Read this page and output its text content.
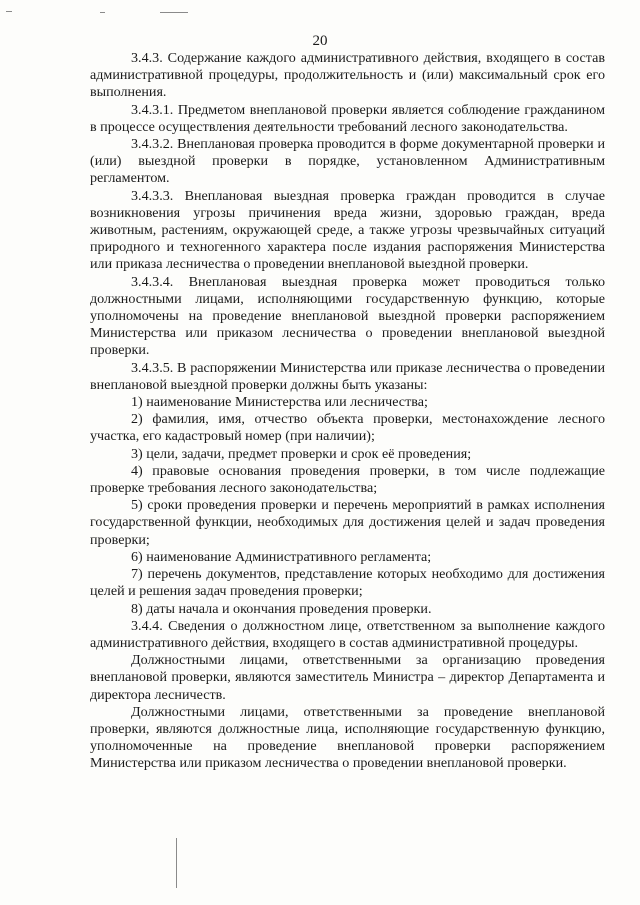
20

3.4.3. Содержание каждого административного действия, входящего в состав административной процедуры, продолжительность и (или) максимальный срок его выполнения.

3.4.3.1. Предметом внеплановой проверки является соблюдение гражданином в процессе осуществления деятельности требований лесного законодательства.

3.4.3.2. Внеплановая проверка проводится в форме документарной проверки и (или) выездной проверки в порядке, установленном Административным регламентом.

3.4.3.3. Внеплановая выездная проверка граждан проводится в случае возникновения угрозы причинения вреда жизни, здоровью граждан, вреда животным, растениям, окружающей среде, а также угрозы чрезвычайных ситуаций природного и техногенного характера после издания распоряжения Министерства или приказа лесничества о проведении внеплановой выездной проверки.

3.4.3.4. Внеплановая выездная проверка может проводиться только должностными лицами, исполняющими государственную функцию, которые уполномочены на проведение внеплановой выездной проверки распоряжением Министерства или приказом лесничества о проведении внеплановой выездной проверки.

3.4.3.5. В распоряжении Министерства или приказе лесничества о проведении внеплановой выездной проверки должны быть указаны:

1) наименование Министерства или лесничества;

2) фамилия, имя, отчество объекта проверки, местонахождение лесного участка, его кадастровый номер (при наличии);

3) цели, задачи, предмет проверки и срок её проведения;

4) правовые основания проведения проверки, в том числе подлежащие проверке требования лесного законодательства;

5) сроки проведения проверки и перечень мероприятий в рамках исполнения государственной функции, необходимых для достижения целей и задач проведения проверки;

6) наименование Административного регламента;

7) перечень документов, представление которых необходимо для достижения целей и решения задач проведения проверки;

8) даты начала и окончания проведения проверки.

3.4.4. Сведения о должностном лице, ответственном за выполнение каждого административного действия, входящего в состав административной процедуры.

Должностными лицами, ответственными за организацию проведения внеплановой проверки, являются заместитель Министра – директор Департамента и директора лесничеств.

Должностными лицами, ответственными за проведение внеплановой проверки, являются должностные лица, исполняющие государственную функцию, уполномоченные на проведение внеплановой проверки распоряжением Министерства или приказом лесничества о проведении внеплановой проверки.
